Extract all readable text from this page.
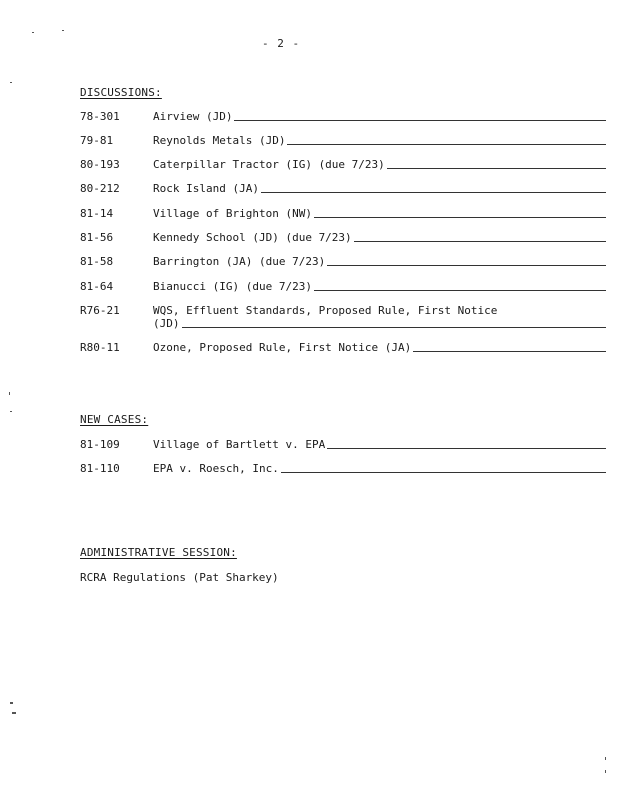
- 2 -
DISCUSSIONS:
78-301	Airview (JD)
79-81	Reynolds Metals (JD)
80-193	Caterpillar Tractor (IG) (due 7/23)
80-212	Rock Island (JA)
81-14	Village of Brighton (NW)
81-56	Kennedy School (JD) (due 7/23)
81-58	Barrington (JA) (due 7/23)
81-64	Bianucci (IG) (due 7/23)
R76-21	WQS, Effluent Standards, Proposed Rule, First Notice
(JD)
R80-11	Ozone, Proposed Rule, First Notice (JA)
NEW CASES:
81-109	Village of Bartlett v. EPA
81-110	EPA v. Roesch, Inc.
ADMINISTRATIVE SESSION:
RCRA Regulations (Pat Sharkey)
